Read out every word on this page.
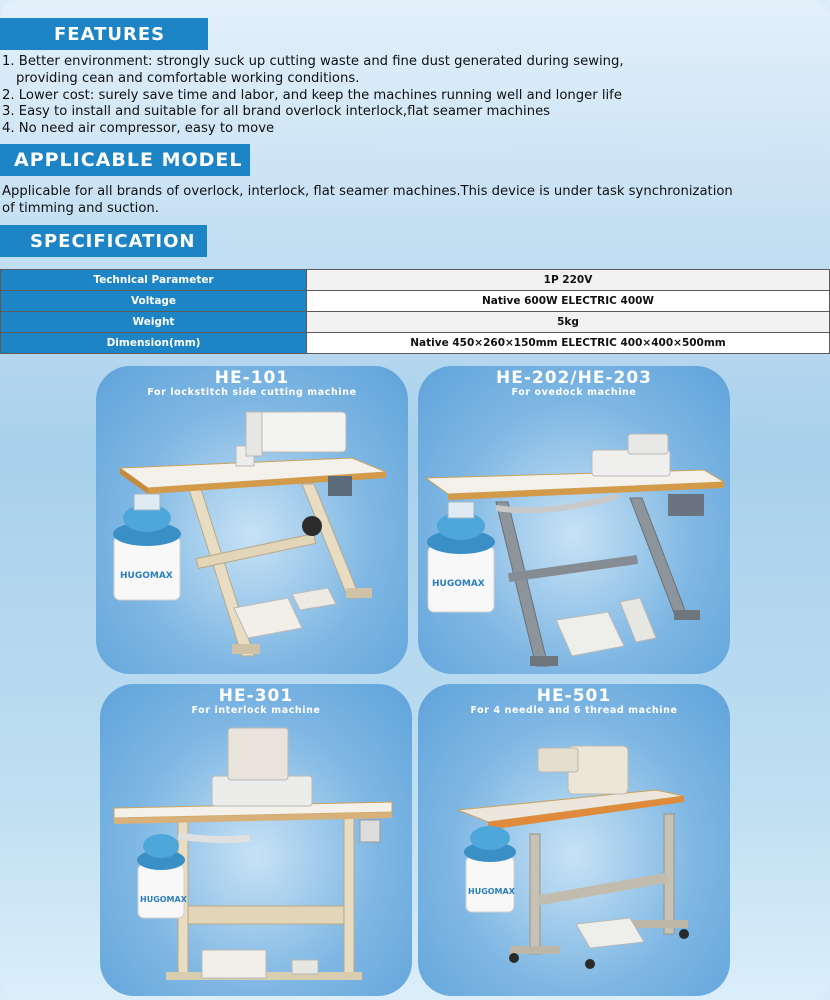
FEATURES
1. Better environment: strongly suck up cutting waste and fine dust generated during sewing,
providing cean and comfortable working conditions.
2. Lower cost: surely save time and labor, and keep the machines running well and longer life
3. Easy to install and suitable for all brand overlock interlock,flat seamer machines
4. No need air compressor, easy to move
APPLICABLE MODEL
Applicable for all brands of overlock, interlock, flat seamer machines.This device is under task synchronization
of timming and suction.
SPECIFICATION
Technical Parameter	1P 220V
Voltage	Native 600W ELECTRIC 400W
Weight	5kg
Dimension(mm)	Native 450×260×150mm ELECTRIC 400×400×500mm
HE-101
For lockstitch side cutting machine
HUGOMAX
HE-202/HE-203
For ovedock machine
HUGOMAX
HE-301
For interlock machine
HUGOMAX
HE-501
For 4 needle and 6 thread machine
HUGOMAX
